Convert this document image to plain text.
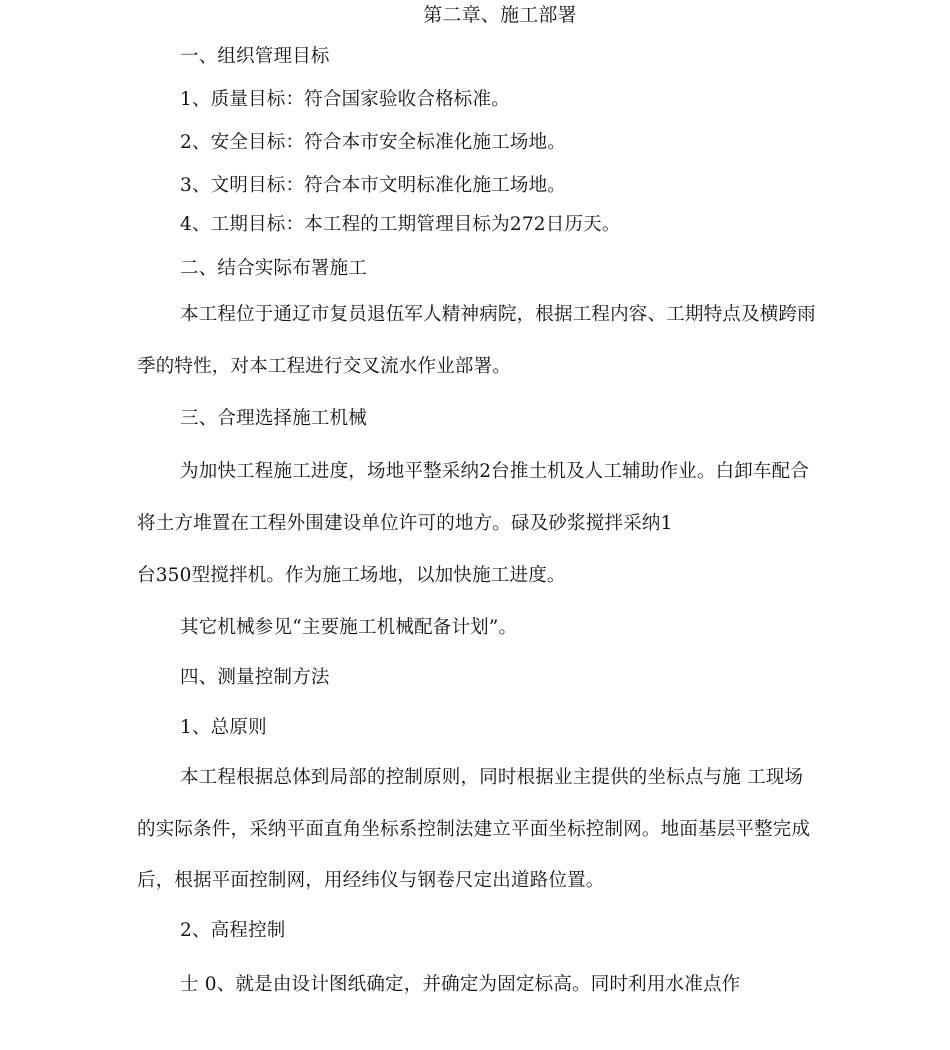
第二章、施工部署
一、组织管理目标
1、质量目标：符合国家验收合格标准。
2、安全目标：符合本市安全标准化施工场地。
3、文明目标：符合本市文明标准化施工场地。
4、工期目标：本工程的工期管理目标为272日历天。
二、结合实际布署施工
本工程位于通辽市复员退伍军人精神病院，根据工程内容、工期特点及横跨雨
季的特性，对本工程进行交叉流水作业部署。
三、合理选择施工机械
为加快工程施工进度，场地平整采纳2台推土机及人工辅助作业。白卸车配合
将土方堆置在工程外围建设单位许可的地方。碌及砂浆搅拌采纳1
台350型搅拌机。作为施工场地，以加快施工进度。
其它机械参见“主要施工机械配备计划”。
四、测量控制方法
1、总原则
本工程根据总体到局部的控制原则，同时根据业主提供的坐标点与施 工现场
的实际条件，采纳平面直角坐标系控制法建立平面坐标控制网。地面基层平整完成
后，根据平面控制网，用经纬仪与钢卷尺定出道路位置。
2、高程控制
士 0、就是由设计图纸确定，并确定为固定标高。同时利用水准点作
